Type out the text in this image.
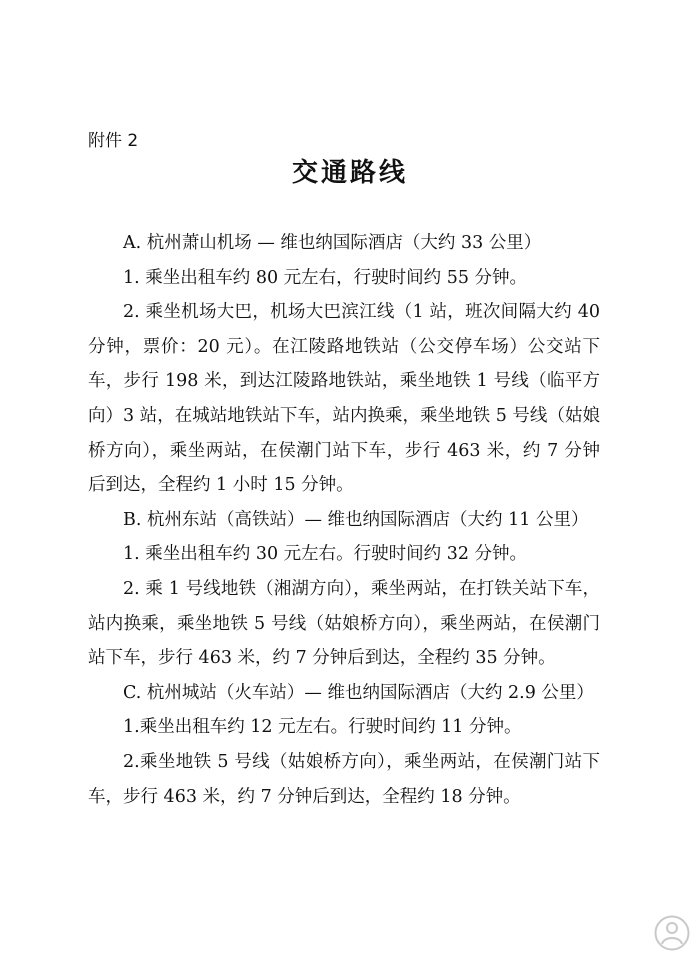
附件 2
交通路线

A. 杭州萧山机场 — 维也纳国际酒店（大约 33 公里）

1. 乘坐出租车约 80 元左右，行驶时间约 55 分钟。

2. 乘坐机场大巴，机场大巴滨江线（1 站，班次间隔大约 40 分钟，票价：20 元）。在江陵路地铁站（公交停车场）公交站下车，步行 198 米，到达江陵路地铁站，乘坐地铁 1 号线（临平方向）3 站，在城站地铁站下车，站内换乘，乘坐地铁 5 号线（姑娘桥方向），乘坐两站，在侯潮门站下车，步行 463 米，约 7 分钟后到达，全程约 1 小时 15 分钟。

B. 杭州东站（高铁站）— 维也纳国际酒店（大约 11 公里）

1. 乘坐出租车约 30 元左右。行驶时间约 32 分钟。

2. 乘 1 号线地铁（湘湖方向），乘坐两站，在打铁关站下车，站内换乘，乘坐地铁 5 号线（姑娘桥方向），乘坐两站，在侯潮门站下车，步行 463 米，约 7 分钟后到达，全程约 35 分钟。

C. 杭州城站（火车站）— 维也纳国际酒店（大约 2.9 公里）

1.乘坐出租车约 12 元左右。行驶时间约 11 分钟。

2.乘坐地铁 5 号线（姑娘桥方向），乘坐两站，在侯潮门站下车，步行 463 米，约 7 分钟后到达，全程约 18 分钟。
